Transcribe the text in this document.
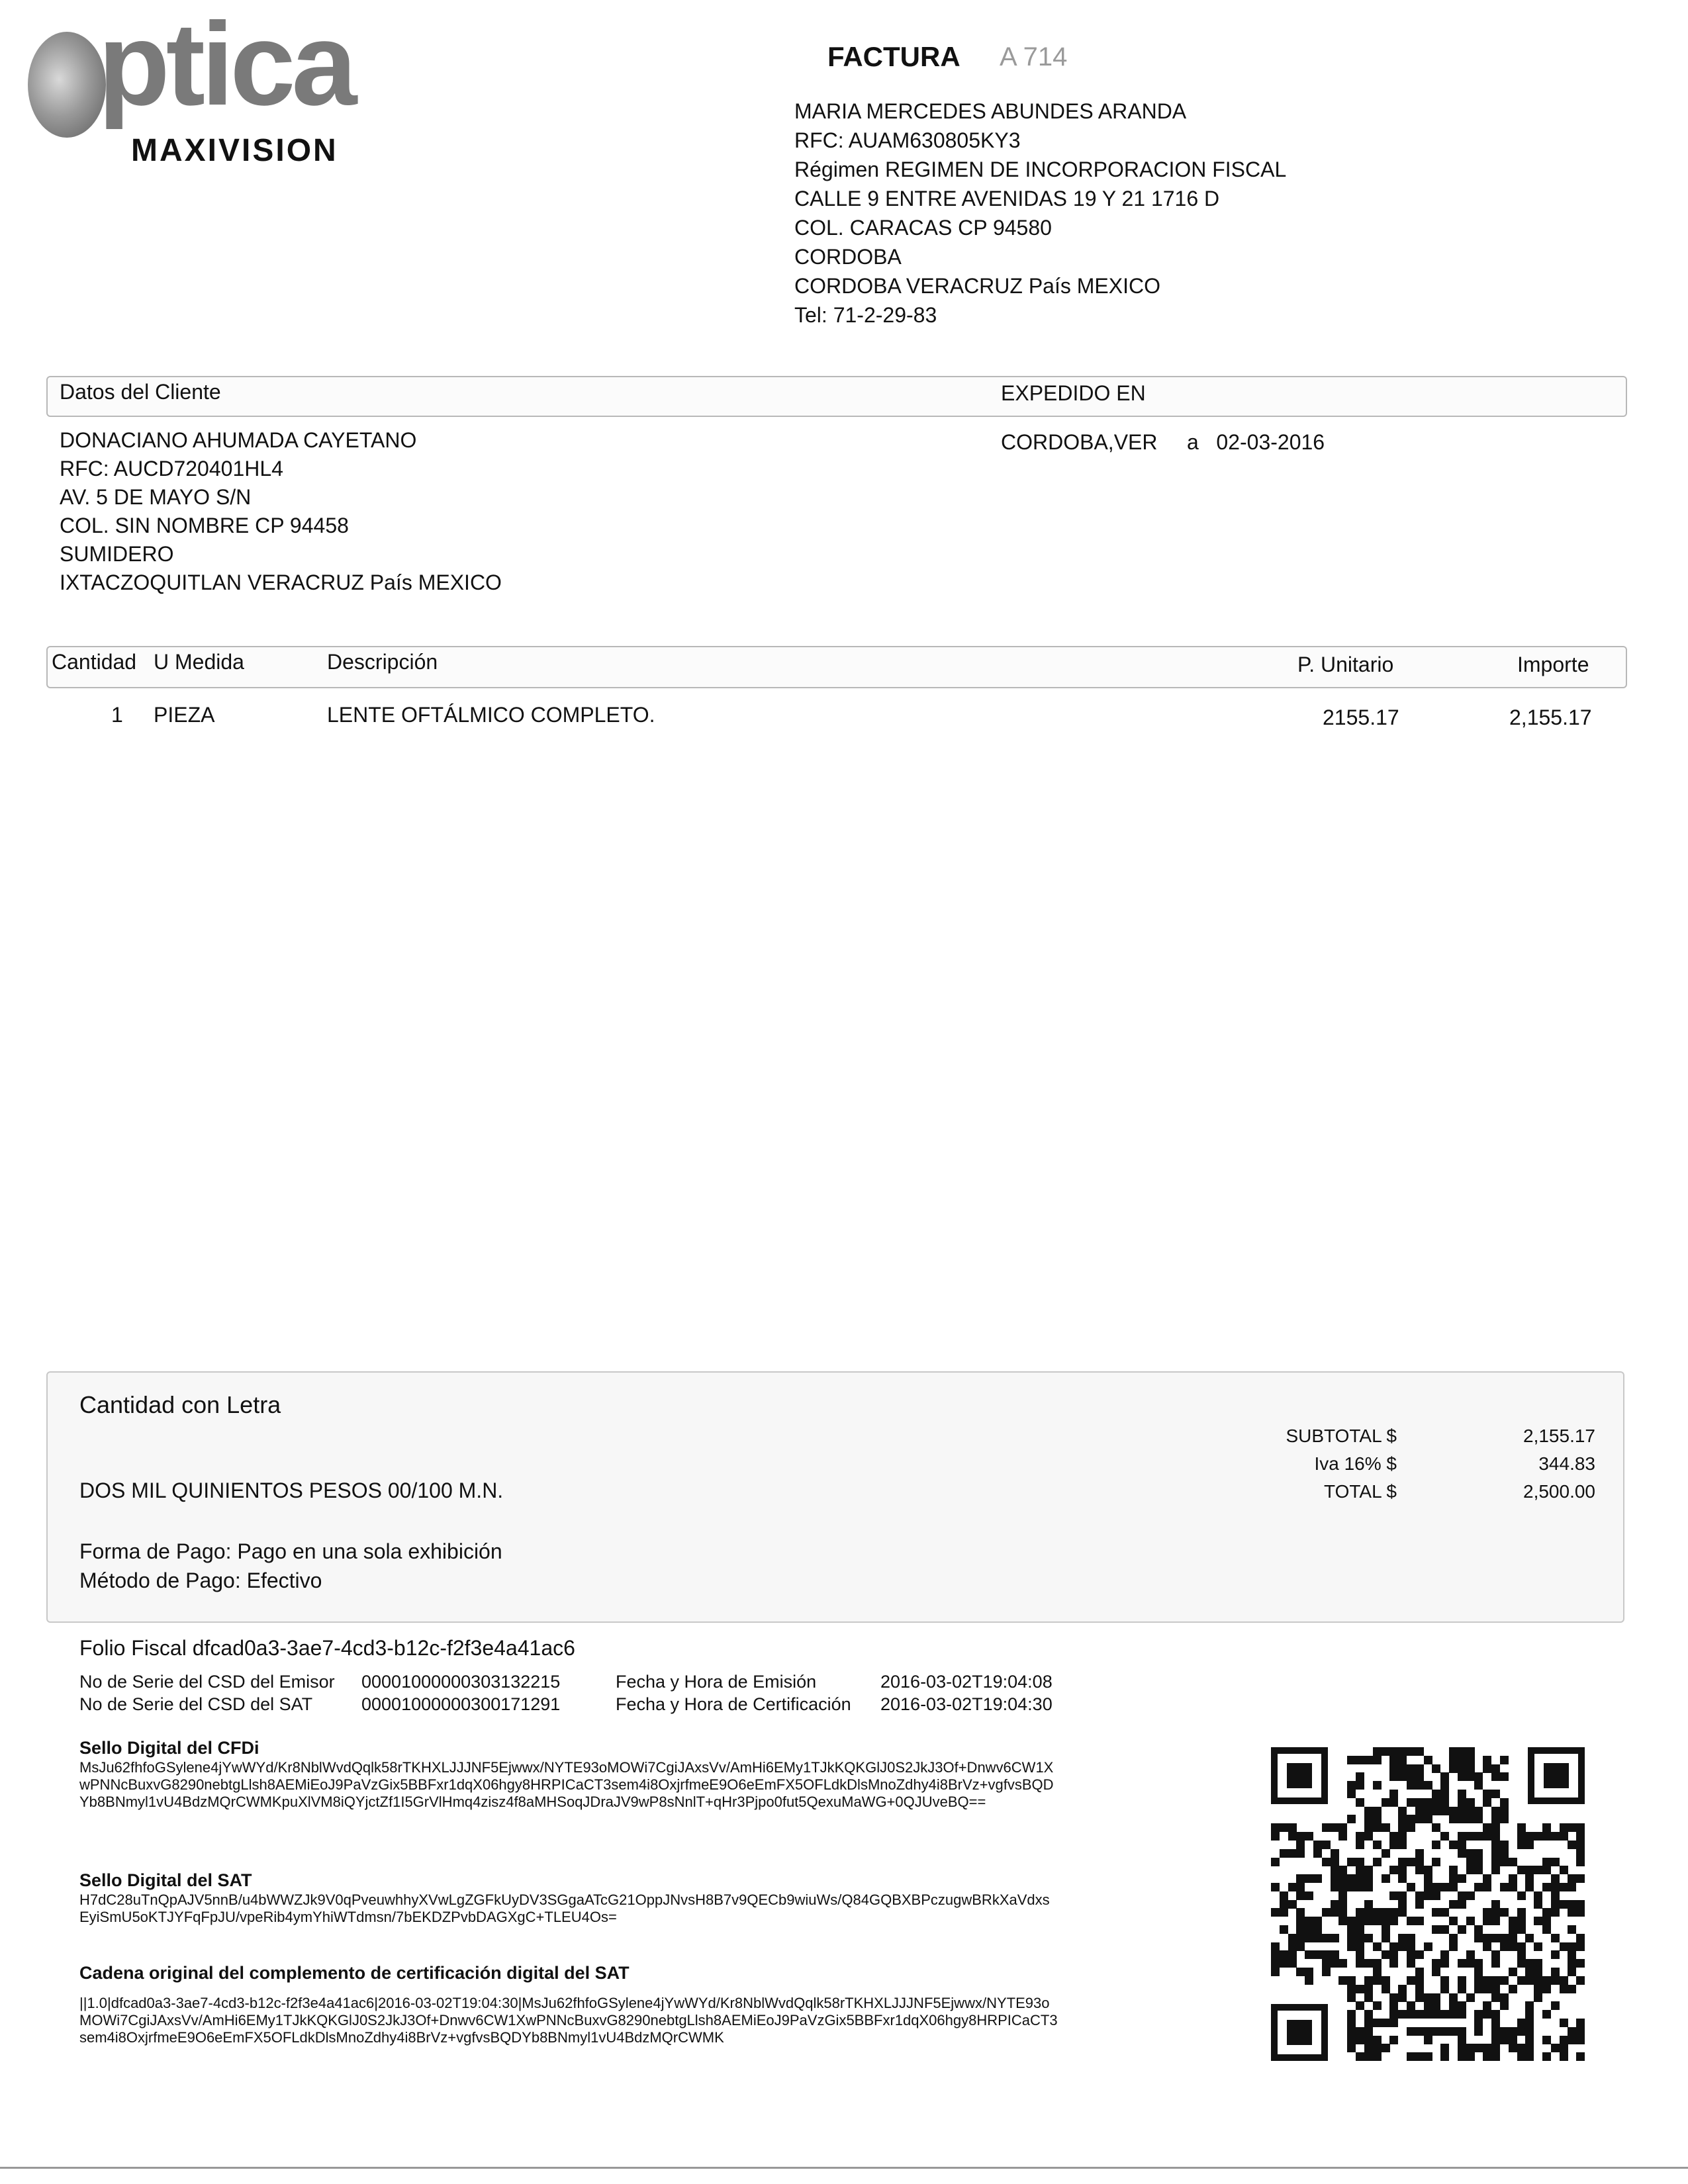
ptica
MAXIVISION
FACTURA A 714
MARIA MERCEDES ABUNDES ARANDA
RFC: AUAM630805KY3
Régimen REGIMEN DE INCORPORACION FISCAL
CALLE 9 ENTRE AVENIDAS 19 Y 21 1716 D
COL. CARACAS CP 94580
CORDOBA
CORDOBA VERACRUZ País MEXICO
Tel: 71-2-29-83
Datos del Cliente	EXPEDIDO EN
DONACIANO AHUMADA CAYETANO
RFC: AUCD720401HL4
AV. 5 DE MAYO S/N
COL. SIN NOMBRE CP 94458
SUMIDERO
IXTACZOQUITLAN VERACRUZ País MEXICO
CORDOBA,VER     a   02-03-2016
Cantidad U Medida	Descripción	P. Unitario	Importe
1 PIEZA	LENTE OFTÁLMICO COMPLETO.	2155.17	2,155.17
Cantidad con Letra
DOS MIL QUINIENTOS PESOS 00/100 M.N.
SUBTOTAL $	2,155.17
Iva 16% $	344.83
TOTAL $	2,500.00
Forma de Pago: Pago en una sola exhibición
Método de Pago: Efectivo
Folio Fiscal dfcad0a3-3ae7-4cd3-b12c-f2f3e4a41ac6
No de Serie del CSD del Emisor 00001000000303132215	Fecha y Hora de Emisión	2016-03-02T19:04:08
No de Serie del CSD del SAT	00001000000300171291	Fecha y Hora de Certificación 2016-03-02T19:04:30
Sello Digital del CFDi
MsJu62fhfoGSylene4jYwWYd/Kr8NblWvdQqlk58rTKHXLJJJNF5Ejwwx/NYTE93oMOWi7CgiJAxsVv/AmHi6EMy1TJkKQKGlJ0S2JkJ3Of+Dnwv6CW1XwPNNcBuxvG8290nebtgLlsh8AEMiEoJ9PaVzGix5BBFxr1dqX06hgy8HRPICaCT3sem4i8OxjrfmeE9O6eEmFX5OFLdkDlsMnoZdhy4i8BrVz+vgfvsBQDYb8BNmyl1vU4BdzMQrCWMKpuXlVM8iQYjctZf1I5GrVlHmq4zisz4f8aMHSoqJDraJV9wP8sNnlT+qHr3Pjpo0fut5QexuMaWG+0QJUveBQ==
Sello Digital del SAT
H7dC28uTnQpAJV5nnB/u4bWWZJk9V0qPveuwhhyXVwLgZGFkUyDV3SGgaATcG21OppJNvsH8B7v9QECb9wiuWs/Q84GQBXBPczugwBRkXaVdxsEyiSmU5oKTJYFqFpJU/vpeRib4ymYhiWTdmsn/7bEKDZPvbDAGXgC+TLEU4Os=
Cadena original del complemento de certificación digital del SAT
||1.0|dfcad0a3-3ae7-4cd3-b12c-f2f3e4a41ac6|2016-03-02T19:04:30|MsJu62fhfoGSylene4jYwWYd/Kr8NblWvdQqlk58rTKHXLJJJNF5Ejwwx/NYTE93oMOWi7CgiJAxsVv/AmHi6EMy1TJkKQKGlJ0S2JkJ3Of+Dnwv6CW1XwPNNcBuxvG8290nebtgLlsh8AEMiEoJ9PaVzGix5BBFxr1dqX06hgy8HRPICaCT3sem4i8OxjrfmeE9O6eEmFX5OFLdkDlsMnoZdhy4i8BrVz+vgfvsBQDYb8BNmyl1vU4BdzMQrCWMK
